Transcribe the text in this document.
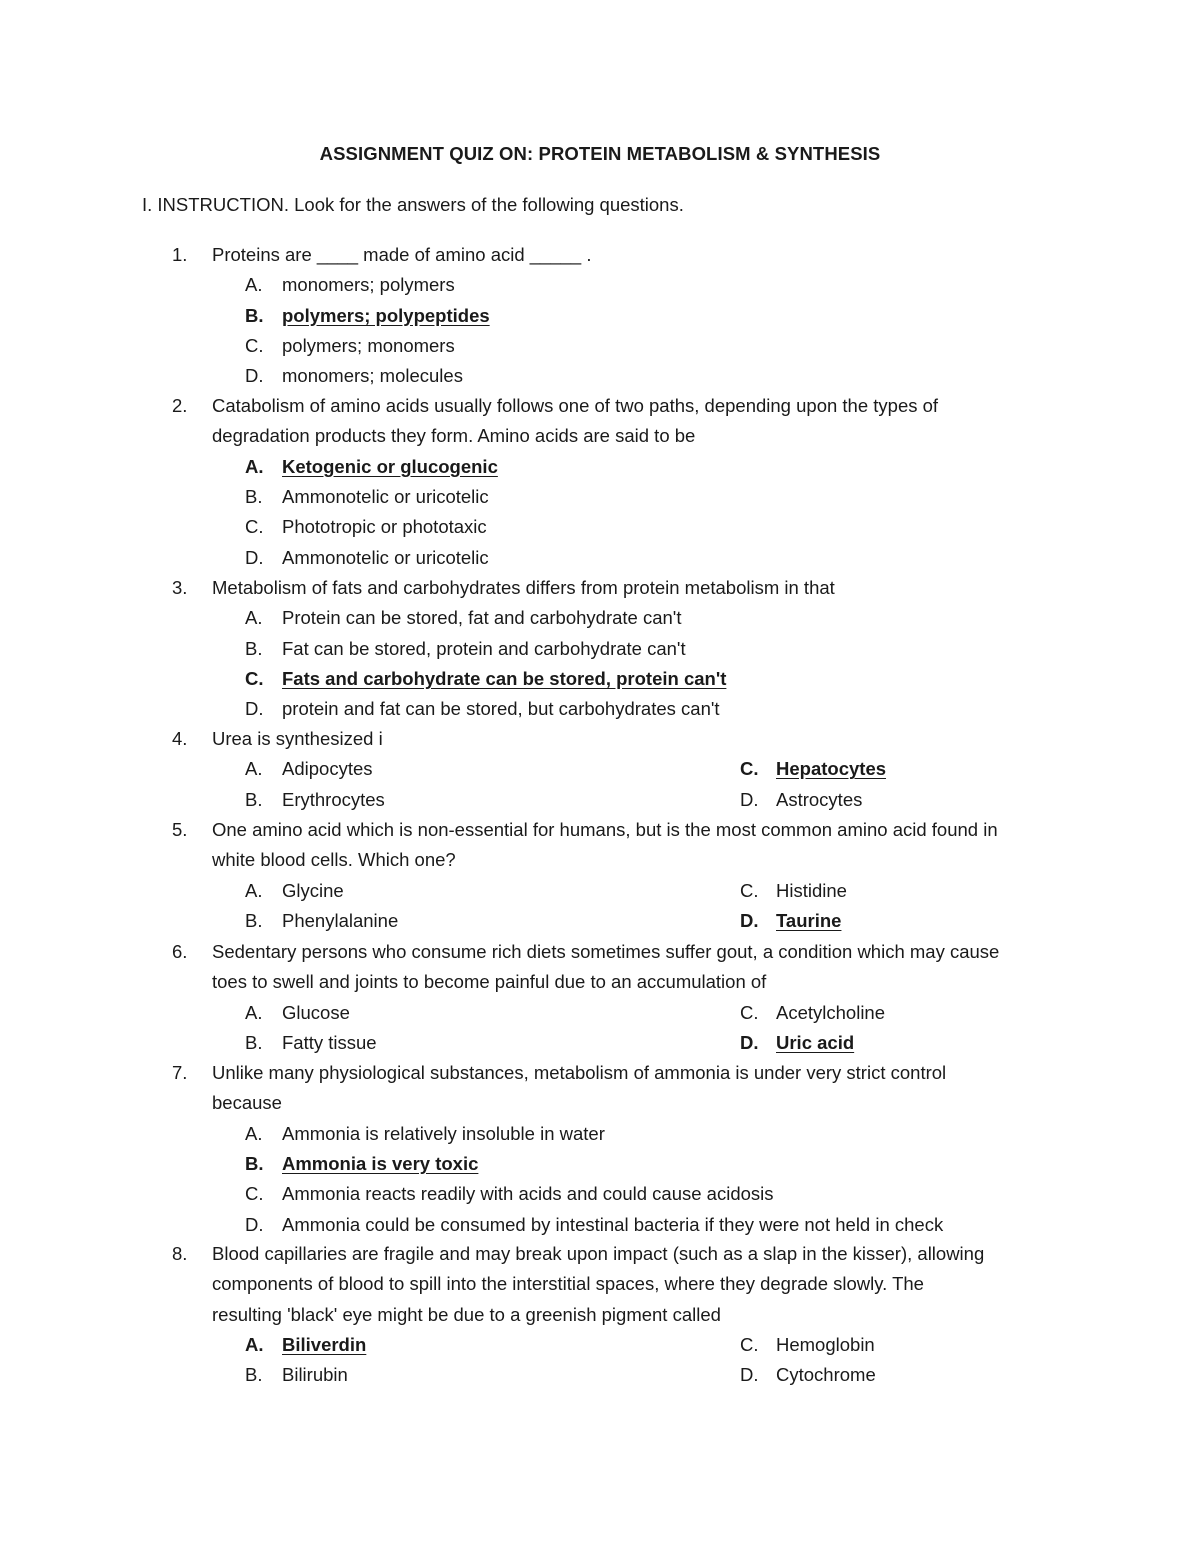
ASSIGNMENT QUIZ ON: PROTEIN METABOLISM & SYNTHESIS
I. INSTRUCTION. Look for the answers of the following questions.
1. Proteins are ____ made of amino acid _____ .
A. monomers; polymers
B. polymers; polypeptides
C. polymers; monomers
D. monomers; molecules
2. Catabolism of amino acids usually follows one of two paths, depending upon the types of
degradation products they form. Amino acids are said to be
A. Ketogenic or glucogenic
B. Ammonotelic or uricotelic
C. Phototropic or phototaxic
D. Ammonotelic or uricotelic
3. Metabolism of fats and carbohydrates differs from protein metabolism in that
A. Protein can be stored, fat and carbohydrate can't
B. Fat can be stored, protein and carbohydrate can't
C. Fats and carbohydrate can be stored, protein can't
D. protein and fat can be stored, but carbohydrates can't
4. Urea is synthesized i
A. Adipocytes
B. Erythrocytes
C. Hepatocytes
D. Astrocytes
5. One amino acid which is non-essential for humans, but is the most common amino acid found in
white blood cells. Which one?
A. Glycine
B. Phenylalanine
C. Histidine
D. Taurine
6. Sedentary persons who consume rich diets sometimes suffer gout, a condition which may cause
toes to swell and joints to become painful due to an accumulation of
A. Glucose
B. Fatty tissue
C. Acetylcholine
D. Uric acid
7. Unlike many physiological substances, metabolism of ammonia is under very strict control
because
A. Ammonia is relatively insoluble in water
B. Ammonia is very toxic
C. Ammonia reacts readily with acids and could cause acidosis
D. Ammonia could be consumed by intestinal bacteria if they were not held in check
8. Blood capillaries are fragile and may break upon impact (such as a slap in the kisser), allowing
components of blood to spill into the interstitial spaces, where they degrade slowly. The
resulting 'black' eye might be due to a greenish pigment called
A. Biliverdin
B. Bilirubin
C. Hemoglobin
D. Cytochrome
